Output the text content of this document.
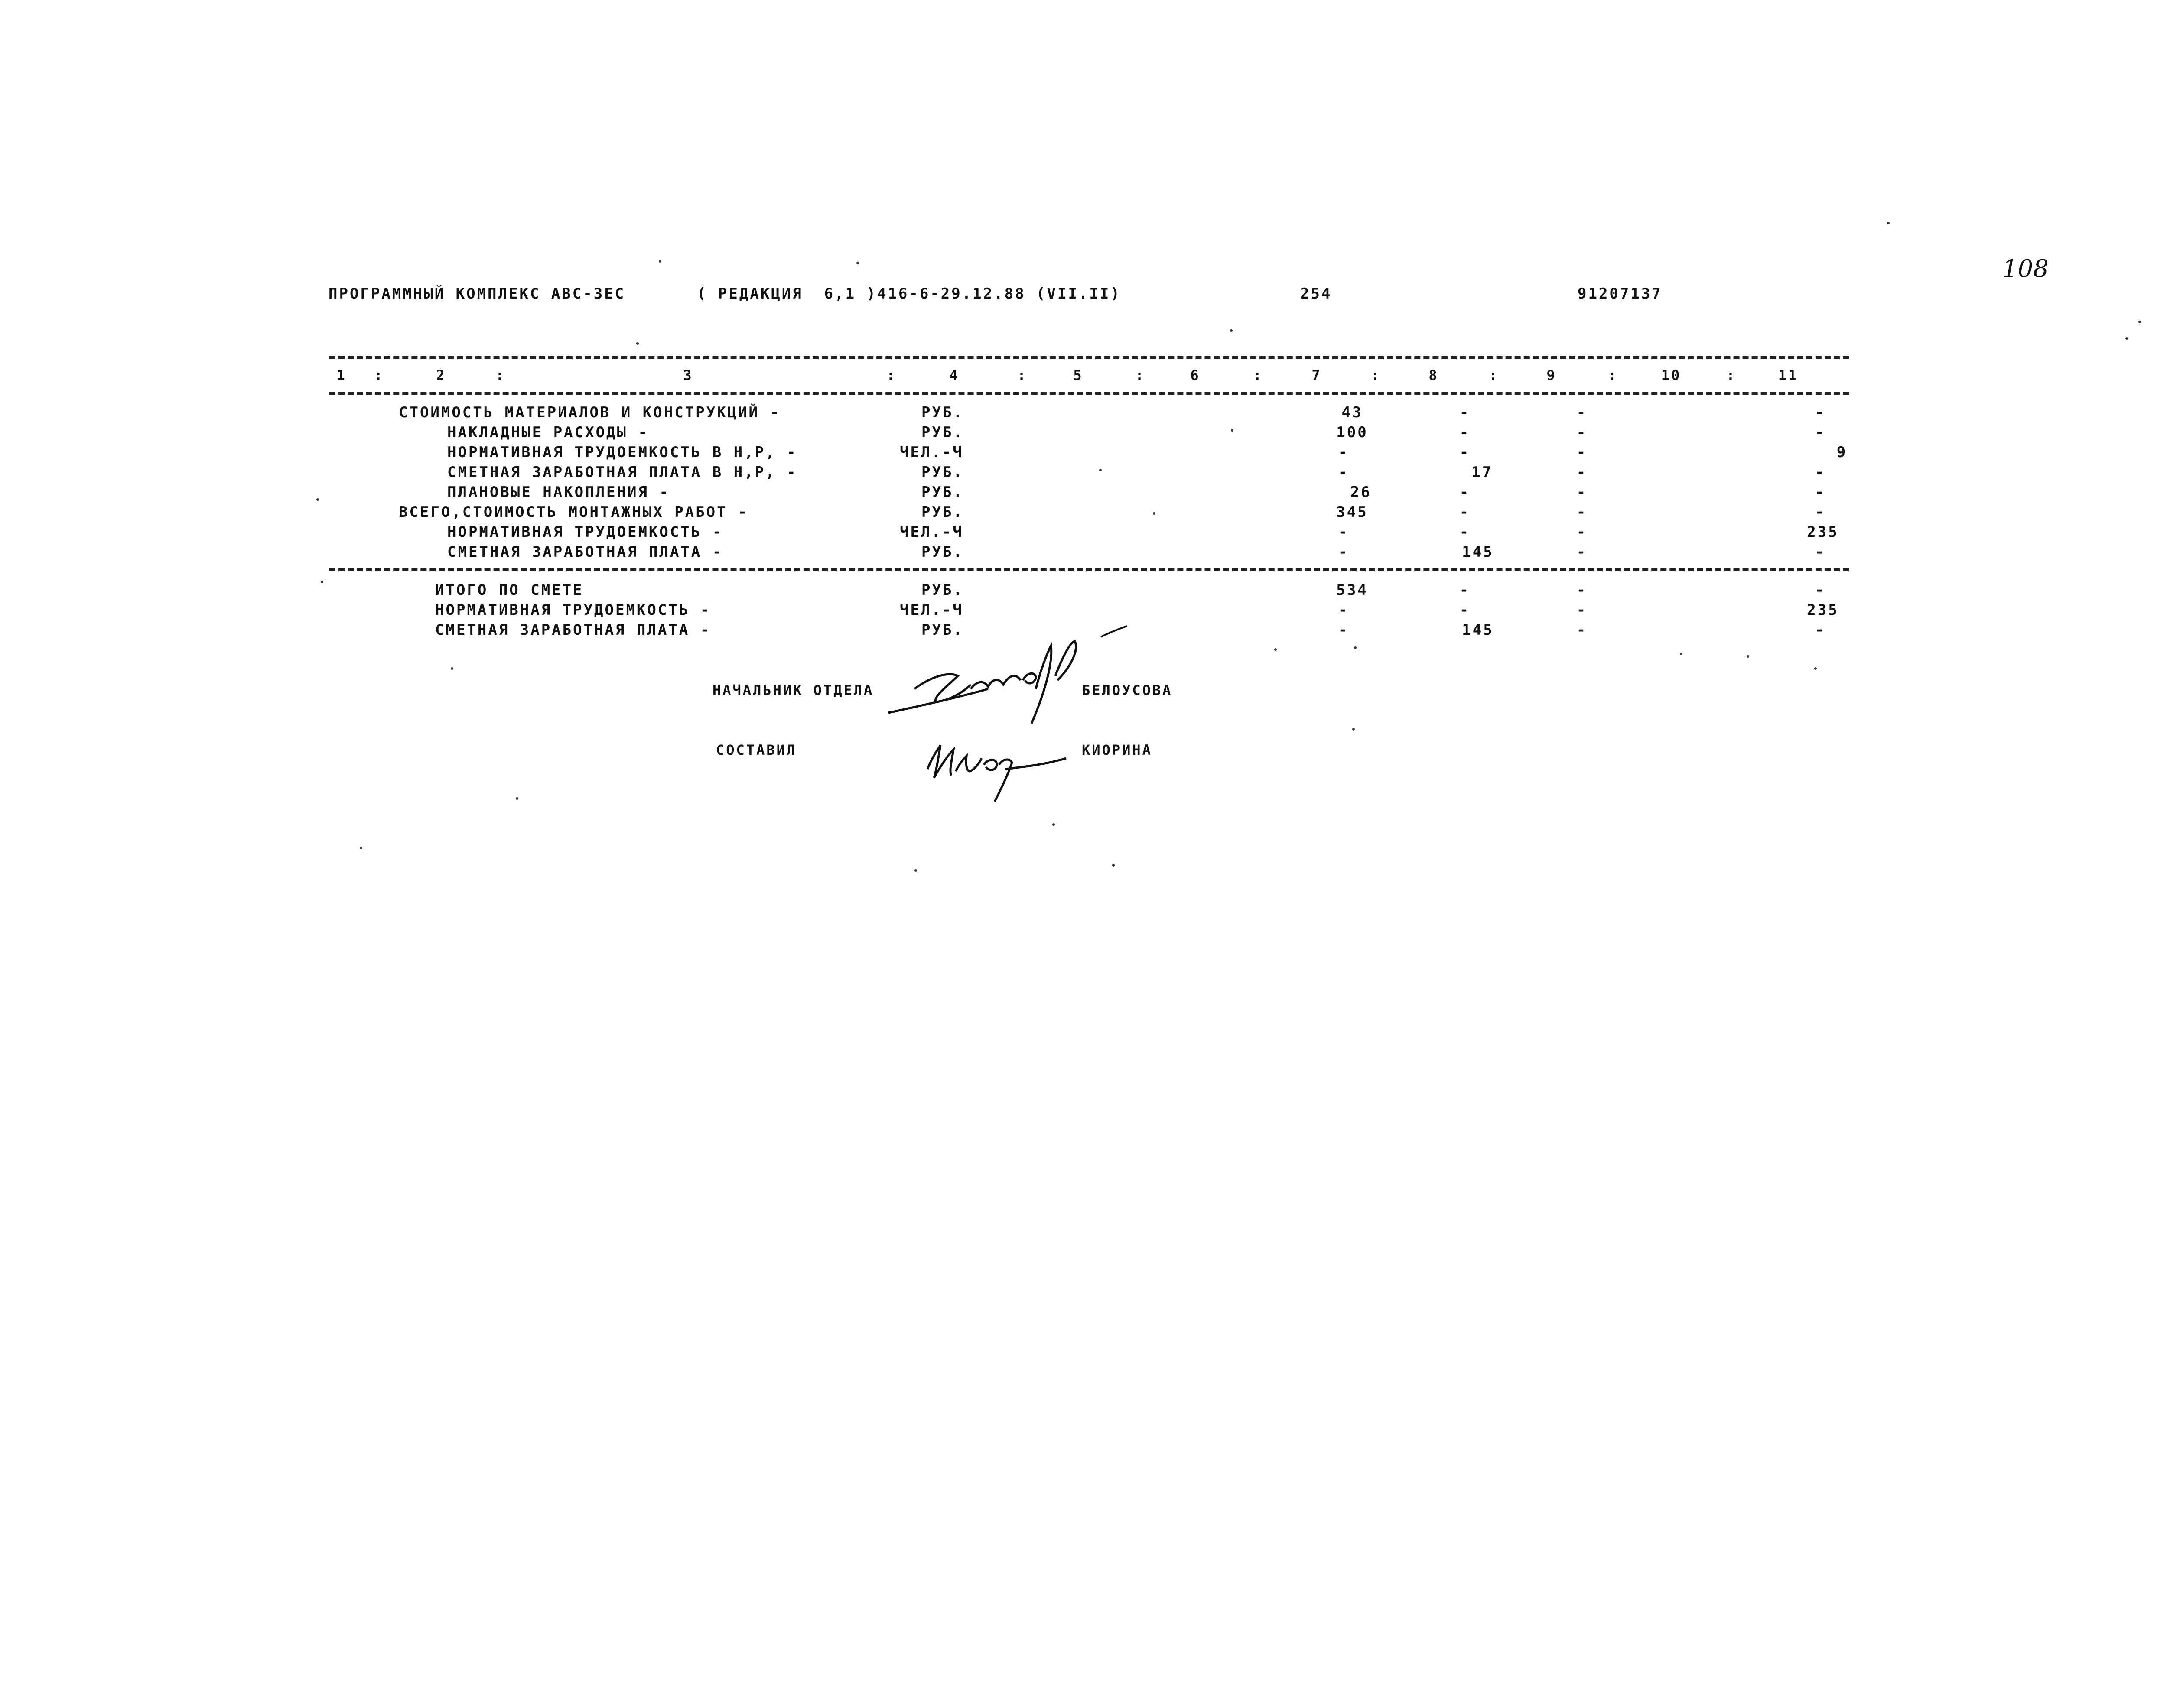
ПРОГРАММНЫЙ КОМПЛЕКС АВС-ЗЕС	( РЕДАКЦИЯ  6,1 )416-6-29.12.88 (VII.II)	254	91207137
108
1	:	2	:	3	:	4	:	5	:	6	:	7	:	8	:	9	:	10	:	11
СТОИМОСТЬ МАТЕРИАЛОВ И КОНСТРУКЦИЙ -	РУБ.	43	-	-	-
НАКЛАДНЫЕ РАСХОДЫ -	РУБ.	100	-	-	-
НОРМАТИВНАЯ ТРУДОЕМКОСТЬ В Н,Р, -	ЧЕЛ.-Ч	-	-	-	9
СМЕТНАЯ ЗАРАБОТНАЯ ПЛАТА В Н,Р, -	РУБ.	-	17	-	-
ПЛАНОВЫЕ НАКОПЛЕНИЯ -	РУБ.	26	-	-	-
ВСЕГО,СТОИМОСТЬ МОНТАЖНЫХ РАБОТ -	РУБ.	345	-	-	-
НОРМАТИВНАЯ ТРУДОЕМКОСТЬ -	ЧЕЛ.-Ч	-	-	-	235
СМЕТНАЯ ЗАРАБОТНАЯ ПЛАТА -	РУБ.	-	145	-	-
ИТОГО ПО СМЕТЕ	РУБ.	534	-	-	-
НОРМАТИВНАЯ ТРУДОЕМКОСТЬ -	ЧЕЛ.-Ч	-	-	-	235
СМЕТНАЯ ЗАРАБОТНАЯ ПЛАТА -	РУБ.	-	145	-	-
НАЧАЛЬНИК ОТДЕЛА	БЕЛОУСОВА
СОСТАВИЛ	КИОРИНА
